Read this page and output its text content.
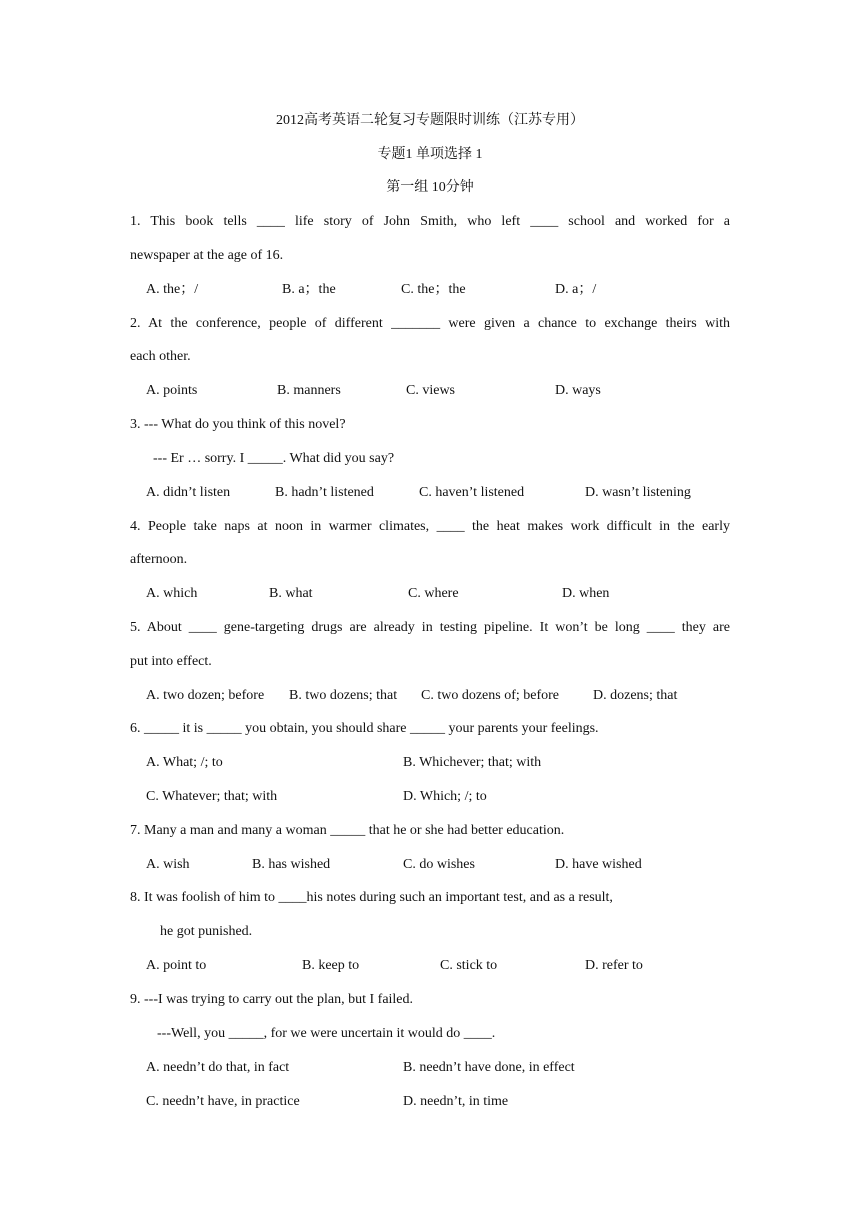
2012高考英语二轮复习专题限时训练（江苏专用）
专题1 单项选择 1
第一组 10分钟
1. This book tells ____ life story of John Smith, who left ____ school and worked for a
newspaper at the age of 16.
A. the；/	B. a；the	C. the；the	D. a；/
2. At the conference, people of different _______ were given a chance to exchange theirs with
each other.
A. points	B. manners	C. views	D. ways
3. --- What do you think of this novel?
--- Er … sorry. I _____. What did you say?
A. didn’t listen	B. hadn’t listened	C. haven’t listened	D. wasn’t listening
4. People take naps at noon in warmer climates, ____ the heat makes work difficult in the early
afternoon.
A. which	B. what	C. where	D. when
5. About ____ gene-targeting drugs are already in testing pipeline. It won’t be long ____ they are
put into effect.
A. two dozen; before B. two dozens; that C. two dozens of; before D. dozens; that
6. _____ it is _____ you obtain, you should share _____ your parents your feelings.
A. What; /; to	B. Whichever; that; with
C. Whatever; that; with	D. Which; /; to
7. Many a man and many a woman _____ that he or she had better education.
A. wish	B. has wished	C. do wishes	D. have wished
8. It was foolish of him to ____his notes during such an important test, and as a result,
he got punished.
A. point to	B. keep to	C. stick to	D. refer to
9. ---I was trying to carry out the plan, but I failed.
---Well, you _____, for we were uncertain it would do ____.
A. needn’t do that, in fact	B. needn’t have done, in effect
C. needn’t have, in practice	D. needn’t, in time
